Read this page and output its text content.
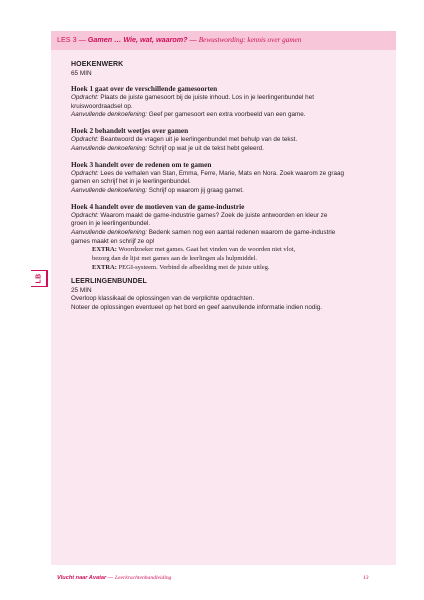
LES 3 — Gamen … Wie, wat, waarom? — Bewustwording: kennis over gamen
LB
HOEKENWERK
65 MIN
Hoek 1 gaat over de verschillende gamesoorten
Opdracht: Plaats de juiste gamesoort bij de juiste inhoud. Los in je leerlingenbundel het
kruiswoordraadsel op.
Aanvullende denkoefening: Geef per gamesoort een extra voorbeeld van een game.
Hoek 2 behandelt weetjes over gamen
Opdracht: Beantwoord de vragen uit je leerlingenbundel met behulp van de tekst.
Aanvullende denkoefening: Schrijf op wat je uit de tekst hebt geleerd.
Hoek 3 handelt over de redenen om te gamen
Opdracht: Lees de verhalen van Stan, Emma, Ferre, Marie, Mats en Nora. Zoek waarom ze graag
gamen en schrijf het in je leerlingenbundel.
Aanvullende denkoefening: Schrijf op waarom jij graag gamet.
Hoek 4 handelt over de motieven van de game-industrie
Opdracht: Waarom maakt de game-industrie games? Zoek de juiste antwoorden en kleur ze
groen in je leerlingenbundel.
Aanvullende denkoefening: Bedenk samen nog een aantal redenen waarom de game-industrie
games maakt en schrijf ze op!
EXTRA: Woordzoeker met games. Gaat het vinden van de woorden niet vlot,
bezorg dan de lijst met games aan de leerlingen als hulpmiddel.
EXTRA: PEGI-systeem. Verbind de afbeelding met de juiste uitleg.
LEERLINGENBUNDEL
25 MIN
Overloop klassikaal de oplossingen van de verplichte opdrachten.
Noteer de oplossingen eventueel op het bord en geef aanvullende informatie indien nodig.
Vlucht naar Avatar — Leerkrachtenhandleiding	13
